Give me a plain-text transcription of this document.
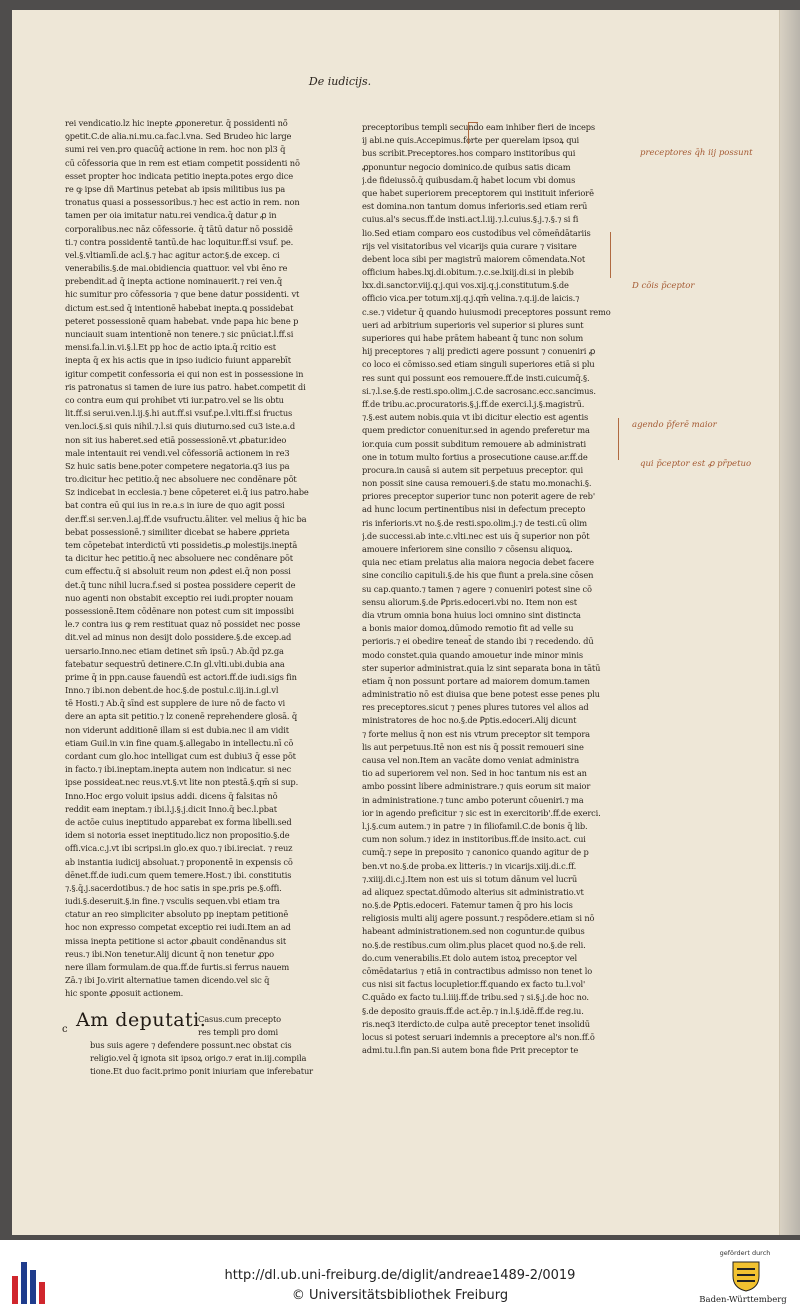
De iudicijs.
rei vendicatio.lz hic inepte ꝓponeretur. q̄ possidenti nō̄
ꝯpetit.C.de alia.ni.mu.ca.fac.l.vna. Sed Brudeo hic large
sumi rei ven.pro quacūq̄ actione in rem. hoc non pl3 q̄
cū cōfessoria que in rem est etiam competit possidenti nō
esset propter hoc indicata petitio inepta.potes ergo dice
re ꝙ ipse dñ Martinus petebat ab ipsis militibus ius pa
tronatus quasi a possessoribus.⁊ hec est actio in rem. non
tamen per oia imitatur natu.rei vendica.q̄ datur ꝓ in
corporalibus.nec nāz cōfessorie. q̄ tātū datur nō possidē
ti.⁊ contra possidentē tantū.de hac loquitur.ff.si vsuf. pe.
vel.§.vltiamlī.de acl.§.⁊ hac agitur actor.§.de excep. ci
venerabilis.§.de mai.obidiencia quattuor. vel vbi ēno re
prebendit.ad q̄ inepta actione nominauerit.⁊ rei ven.q̄
hic sumitur pro cōfessoria ⁊ que bene datur possidenti. vt
dictum est.sed q̄ intentionē habebat inepta.ꝗ possidebat
peteret possessionē quam habebat. vnde papa hic bene p
nunciauit suam intentionē non tenere.⁊ sic pnūciat.l.ff.si
mensi.fa.l.in.vi.§.l.Et pp hoc de actio ipta.q̄ rcitio est
inepta q̄ ex his actis que in ipso iudicio fuiunt apparebīt
igitur competit confessoria ei qui non est in possessione in
ris patronatus si tamen de iure ius patro. habet.competit di
co contra eum qui prohibet vti iur.patro.vel se lis obtu
lit.ff.si serui.ven.l.ij.§.hi aut.ff.si vsuf.pe.l.vlti.ff.si fructus
ven.loci.§.si quis nihil.⁊.l.si quis diuturno.sed cu3 iste.a.d
non sit ius haberet.sed etiā possessionē.vt ꝓbatur.ideo
male intentauit rei vendi.vel cōfessoriā actionem in re3
Sz huic satis bene.poter competere negatoria.q3 ius pa
tro.dicitur hec petitio.q̄ nec absoluere nec condēnare pōt
Sz indicebat in ecclesia.⁊ bene cōpeteret ei.q̄ ius patro.habe
bat contra eū qui ius in re.a.s in iure de quo agit possi
der.ff.si ser.ven.l.aj.ff.de vsufructu.āliter. vel melius q̄ hic ba
bebat possessionē.⁊ similiter dicebat se habere ꝓprieta
tem cōpetebat interdictū vti possidetis.ꝓ molestijs.ineptā
ta dicitur hec petitio.q̄ nec absoluere nec condēnare pōt
cum effectu.q̄ si absoluit reum non ꝓdest ei.q̄ non possi
det.q̄ tunc nihil lucra.f.sed si postea possidere ceperit de
nuo agenti non obstabit exceptio rei iudi.propter nouam
possessionē.Item cōdēnare non potest cum sit impossibi
le.⁊ contra ius ꝙ rem restituat quaz nō possidet nec posse
dit.vel ad minus non desijt dolo possidere.§.de excep.ad
uersario.Inno.nec etiam detinet sm̄ ipsū.⁊ Ab.q̄d pz.ga
fatebatur sequestrū detinere.C.In gl.vlti.ubi.dubia ana
prime q̄ in ppn.cause fauendū est actori.ff.de iudi.sigs fin
Inno.⁊ ibi.non debent.de hoc.§.de postul.c.iij.in.i.gl.vl
tē Hosti.⁊ Ab.q̄ sīnd est supplere de iure nō de facto vi
dere an apta sit petitio.⁊ lz conenē reprehendere glosā. q̄
non viderunt additionē illam si est dubia.nec il am vidit
etiam Guil.in v.in fine quam.§.allegabo in intellectu.nī cō
cordant cum glo.hoc intelligat cum est dubiu3 q̄ esse pōt
in facto.⁊ ibi.ineptam.inepta autem non indicatur. si nec
ipse possideat.nec reus.vt.§.vt lite non ptestā.§.qm̄ si sup.
Inno.Hoc ergo voluit ipsius addi. dicens q̄ falsitas nō
reddit eam ineptam.⁊ ibi.l.j.§.j.dicit Inno.q̄ bec.l.pbat
de actōe cuius ineptitudo apparebat ex forma libelli.sed
idem si notoria esset ineptitudo.licz non propositio.§.de
offi.vica.c.j.vt ibi scripsi.in glo.ex quo.⁊ ibi.ireciat. ⁊ reuz
ab instantia iudicij absoluat.⁊ proponentē in expensis cō
dēnet.ff.de iudi.cum quem temere.Host.⁊ ibi. constitutis
⁊.§.q̄.j.sacerdotibus.⁊ de hoc satis in spe.pris pe.§.offi.
iudi.§.deseruit.§.in fine.⁊ vsculis sequen.vbi etiam tra
ctatur an reo simpliciter absoluto pp ineptam petitionē
hoc non expresso competat exceptio rei iudi.Item an ad
missa inepta petitione si actor ꝓbauit condēnandus sit
reus.⁊ ibi.Non tenetur.Alij dicunt q̄ non tenetur ꝓpo
nere illam formulam.de qua.ff.de furtis.si ferrus nauem
Zā.⁊ ibi Jo.virit alternatiue tamen dicendo.vel sic q̄
hic sponte ꝓposuit actionem.
c Am deputati.
Casus.cum precepto
res templi pro domi
bus suis agere ⁊ defendere possunt.nec obstat cis
religio.vel q̄ ignota sit ipsoꝝ origo.⁊ erat in.iij.compila
tione.Et duo facit.primo ponit iniuriam que inferebatur
preceptoribus templi secundo eam inhiber fieri de inceps
ij abi.ne quis.Accepimus.forte per querelam ipsoꝝ qui
bus scribit.Preceptores.hos comparo institoribus qui
ꝓponuntur negocio dominico.de quibus satis dicam
j.de fideiussō.q̄ quibusdam.q̄ habet locum vbi domus
que habet superiorem preceptorem qui instituit inferiorē
est domina.non tantum domus inferioris.sed etiam rerū
cuius.al's secus.ff.de insti.act.l.iij.⁊.l.cuius.§.j.⁊.§.⁊ si fi
lio.Sed etiam comparo eos custodibus vel cōmen̄dātariis
rijs vel visitatoribus vel vicarijs quia curare ⁊ visitare
debent loca sibi per magistrū maiorem cōmendata.Not
officium habes.lxj.di.obitum.⁊.c.se.lxiij.di.si in plebib
lxx.di.sanctor.viij.q.j.qui vos.xij.q.j.constitutum.§.de
officio vica.per totum.xij.q.j.qm̄ velina.⁊.q.ij.de laicis.⁊
c.se.⁊ videtur q̄ quando huiusmodi preceptores possunt remo
ueri ad arbitrium superioris vel superior si plures sunt
superiores qui habe prātem habeant q̄ tunc non solum
hij preceptores ⁊ alij predicti agere possunt ⁊ conueniri ꝓ
co loco ei cōmisso.sed etiam singuli superiores etiā si plu
res sunt qui possunt eos remouere.ff.de insti.cuicumq̄.§.
si.⁊.l.se.§.de resti.spo.olim.j.C.de sacrosanc.ecc.sancimus.
ff.de tribu.ac.procuratoris.§.j.ff.de exerci.l.j.§.magistrū.
⁊.§.est autem nobis.quia vt ibi dicitur electio est agentis
quem predictor conuenitur.sed in agendo preferetur ma
ior.quia cum possit subditum remouere ab administrati
one in totum multo fortius a prosecutione cause.ar.ff.de
procura.in causā si autem sit perpetuus preceptor. qui
non possit sine causa remoueri.§.de statu mo.monachi.§.
priores preceptor superior tunc non poterit agere de reb'
ad hunc locum pertinentibus nisi in defectum precepto
ris inferioris.vt no.§.de resti.spo.olim.j.⁊ de testi.cū olim
j.de successi.ab inte.c.vlti.nec est uis q̄ superior non pōt
amouere inferiorem sine consilio ⁊ cōsensu aliquoꝝ.
quia nec etiam prelatus alia maiora negocia debet facere
sine concilio capituli.§.de his que fiunt a prela.sine cōsen
su cap.quanto.⁊ tamen ⁊ agere ⁊ conueniri potest sine cō
sensu aliorum.§.de Ꝑpris.edoceri.vbi no. Item non est
dia vtrum omnia bona huius loci omnino sint distincta
a bonis maior domoꝝ.dūmodo remotio fit ad velle su
perioris.⁊ ei obedire teneat̄ de stando ibi ⁊ recedendo. dū
modo constet.quia quando amouetur inde minor minis
ster superior administrat.quia lz sint separata bona in tātū
etiam q̄ non possunt portare ad maiorem domum.tamen
administratio nō est diuisa que bene potest esse penes plu
res preceptores.sicut ⁊ penes plures tutores vel alios ad
ministratores de hoc no.§.de Ꝑptis.edoceri.Alij dicunt
⁊ forte melius q̄ non est nis vtrum preceptor sit tempora
lis aut perpetuus.Itē non est nis q̄ possit remoueri sine
causa vel non.Item an vacāte domo veniat administra
tio ad superiorem vel non. Sed in hoc tantum nis est an
ambo possint libere administrare.⁊ quis eorum sit maior
in administratione.⁊ tunc ambo poterunt cōueniri.⁊ ma
ior in agendo preficitur ⁊ sic est in exercitorib'.ff.de exerci.
l.j.§.cum autem.⁊ in patre ⁊ in filiofamil.C.de bonis q̄ lib.
cum non solum.⁊ idez in institoribus.ff.de insito.act. cui
cumq̄.⁊ sepe in preposito ⁊ canonico quando agitur de p
ben.vt no.§.de proba.ex litteris.⁊ in vicarijs.xiij.di.c.ff.
⁊.xiiij.di.c.j.Item non est uis si totum dānum vel lucrū
ad aliquez spectat.dūmodo alterius sit administratio.vt
no.§.de Ꝑptis.edoceri. Fatemur tamen q̄ pro his locis
religiosis multi alij agere possunt.⁊ respōdere.etiam si nō
habeant administrationem.sed non coguntur.de quibus
no.§.de restibus.cum olim.plus placet quod no.§.de reli.
do.cum venerabilis.Et dolo autem istoꝝ preceptor vel
cōmēdatarius ⁊ etiā in contractibus admisso non tenet lo
cus nisi sit factus locupletior.ff.quando ex facto tu.l.vol'
C.quādo ex facto tu.l.iiij.ff.de tribu.sed ⁊ si.§.j.de hoc no.
§.de deposito grauis.ff.de act.ēp.⁊ in.l.§.idē.ff.de reg.iu.
ris.neq3 iterdicto.de culpa autē preceptor tenet insolidū
locus si potest seruari indemnis a preceptore al's non.ff.ō
admi.tu.l.fin pan.Si autem bona fide Prit preceptor te
preceptores q̄h iij possunt
D cōis p̄ceptor
agendo p̄ferē maior
qui p̄ceptor est ꝓ pr̄petuo
http://dl.ub.uni-freiburg.de/diglit/andreae1489-2/0019
© Universitätsbibliothek Freiburg
gefördert durch
Baden-Württemberg
